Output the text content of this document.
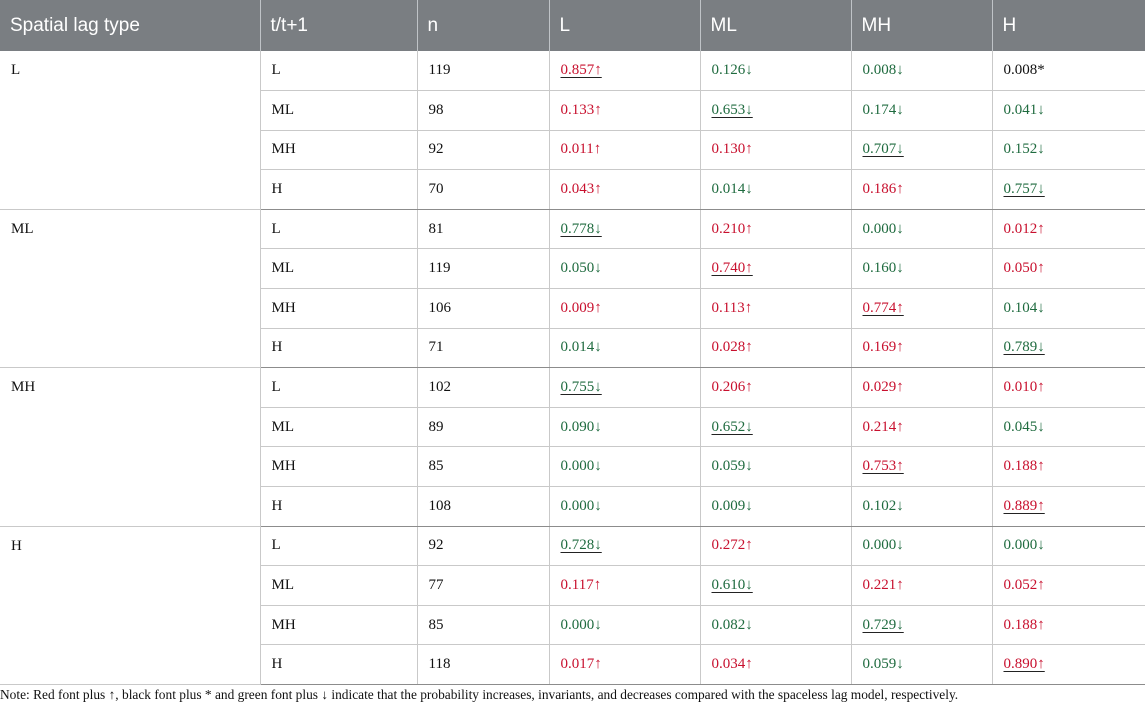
Spatial lag type	t/t+1	n	L	ML	MH	H
L	L	119	0.857↑	0.126↓	0.008↓	0.008*
	ML	98	0.133↑	0.653↓	0.174↓	0.041↓
	MH	92	0.011↑	0.130↑	0.707↓	0.152↓
	H	70	0.043↑	0.014↓	0.186↑	0.757↓
ML	L	81	0.778↓	0.210↑	0.000↓	0.012↑
	ML	119	0.050↓	0.740↑	0.160↓	0.050↑
	MH	106	0.009↑	0.113↑	0.774↑	0.104↓
	H	71	0.014↓	0.028↑	0.169↑	0.789↓
MH	L	102	0.755↓	0.206↑	0.029↑	0.010↑
	ML	89	0.090↓	0.652↓	0.214↑	0.045↓
	MH	85	0.000↓	0.059↓	0.753↑	0.188↑
	H	108	0.000↓	0.009↓	0.102↓	0.889↑
H	L	92	0.728↓	0.272↑	0.000↓	0.000↓
	ML	77	0.117↑	0.610↓	0.221↑	0.052↑
	MH	85	0.000↓	0.082↓	0.729↓	0.188↑
	H	118	0.017↑	0.034↑	0.059↓	0.890↑
Note: Red font plus ↑, black font plus * and green font plus ↓ indicate that the probability increases, invariants, and decreases compared with the spaceless lag model, respectively.
